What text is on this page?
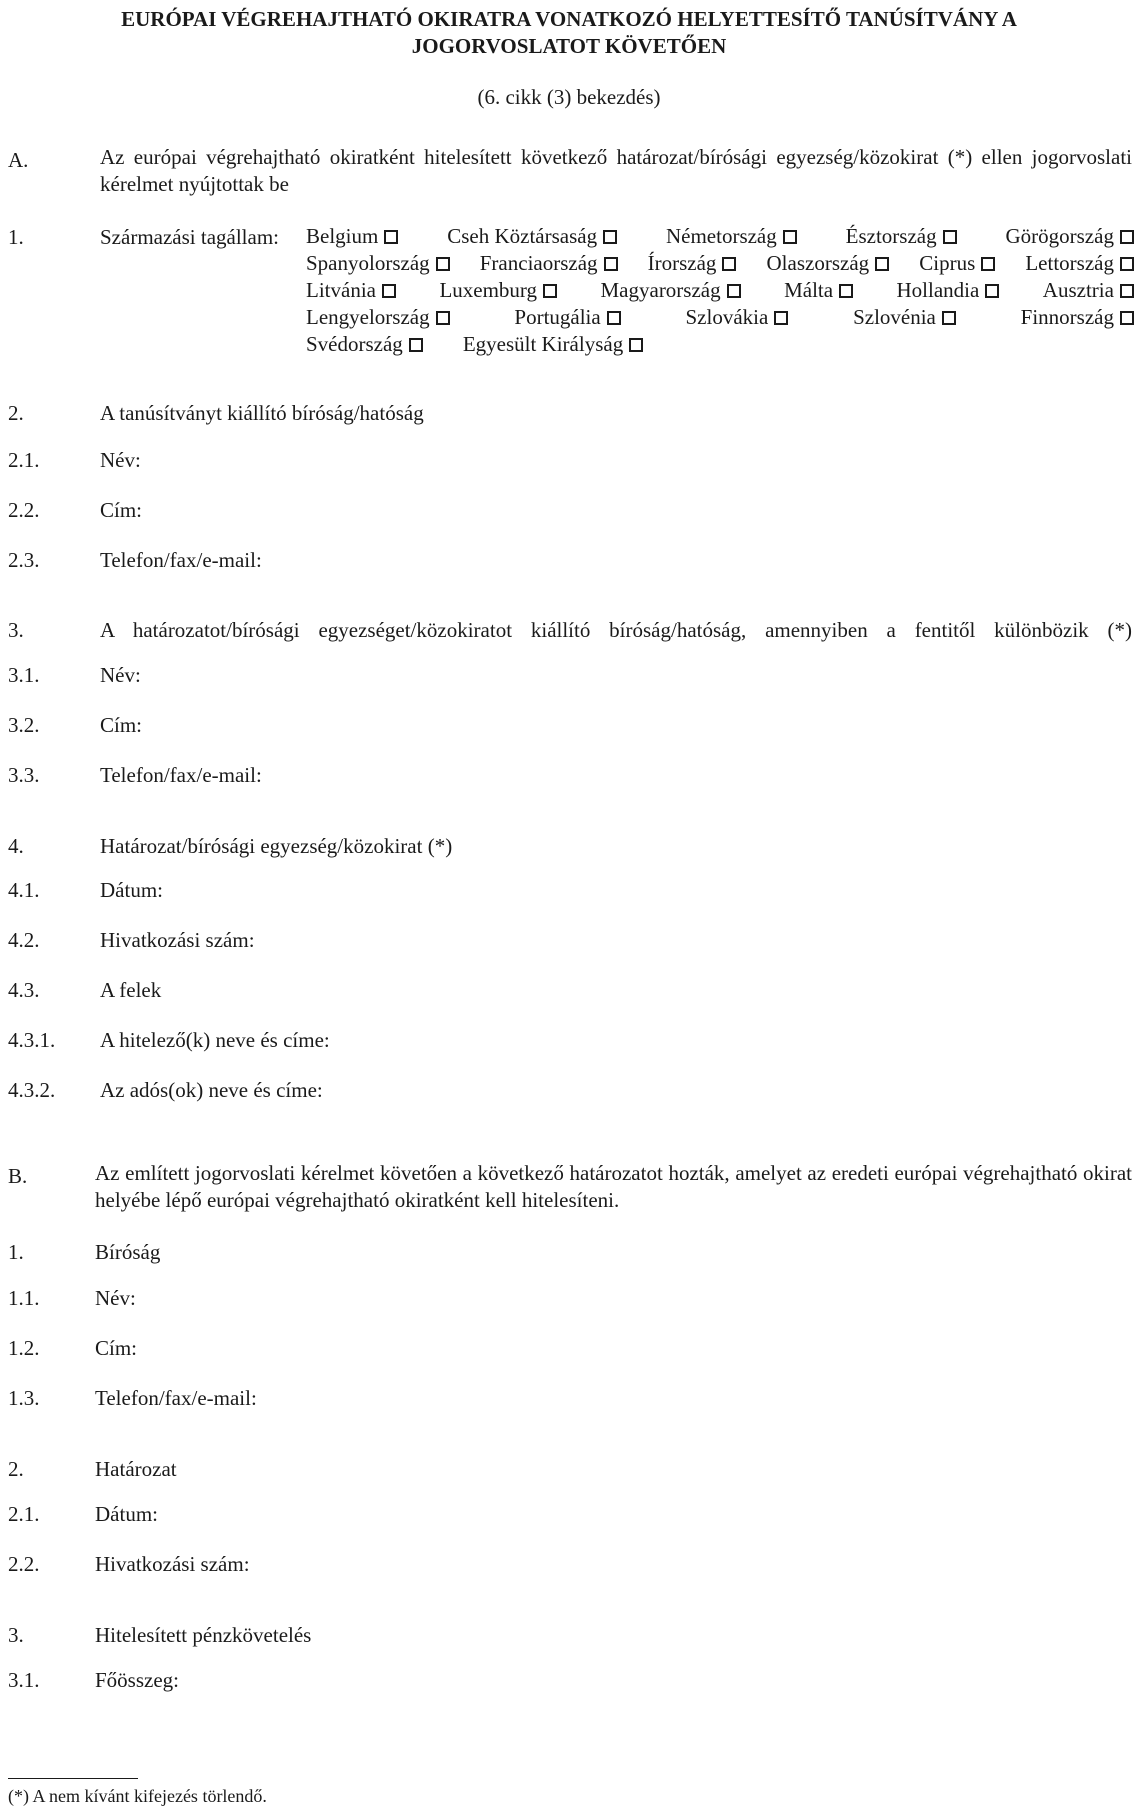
EURÓPAI VÉGREHAJTHATÓ OKIRATRA VONATKOZÓ HELYETTESÍTŐ TANÚSÍTVÁNY A
JOGORVOSLATOT KÖVETŐEN
(6. cikk (3) bekezdés)
A.	Az európai végrehajtható okiratként hitelesített következő határozat/bírósági egyezség/közokirat (*) ellen jogorvoslati kérelmet nyújtottak be
1.	Származási tagállam: Belgium	Cseh Köztársaság	Németország	Észtország	Görögország
Spanyolország Franciaország Írország Olaszország Ciprus Lettország
Litvánia	Luxemburg	Magyarország	Málta	Hollandia	Ausztria
Lengyelország	Portugália	Szlovákia	Szlovénia	Finnország
Svédország	Egyesült Királyság
2.	A tanúsítványt kiállító bíróság/hatóság
2.1.	Név:
2.2.	Cím:
2.3.	Telefon/fax/e-mail:
3.	A határozatot/bírósági egyezséget/közokiratot kiállító bíróság/hatóság, amennyiben a fentitől különbözik (*)
3.1.	Név:
3.2.	Cím:
3.3.	Telefon/fax/e-mail:
4.	Határozat/bírósági egyezség/közokirat (*)
4.1.	Dátum:
4.2.	Hivatkozási szám:
4.3.	A felek
4.3.1. A hitelező(k) neve és címe:
4.3.2. Az adós(ok) neve és címe:
B.	Az említett jogorvoslati kérelmet követően a következő határozatot hozták, amelyet az eredeti európai végrehajtható okirat helyébe lépő európai végrehajtható okiratként kell hitelesíteni.
1.	Bíróság
1.1.	Név:
1.2.	Cím:
1.3.	Telefon/fax/e-mail:
2.	Határozat
2.1.	Dátum:
2.2.	Hivatkozási szám:
3.	Hitelesített pénzkövetelés
3.1.	Főösszeg:
(*) A nem kívánt kifejezés törlendő.
